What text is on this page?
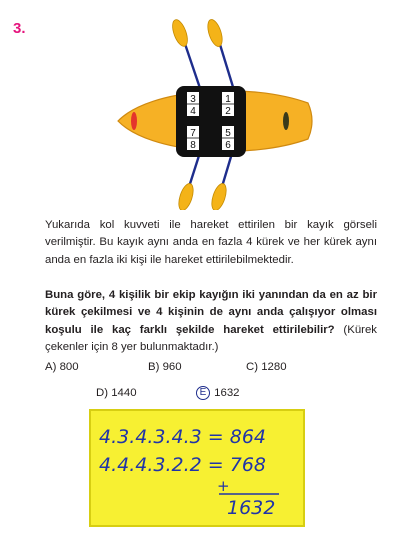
3.
3
4
1
2
7
8
5
6

Yukarıda kol kuvveti ile hareket ettirilen bir kayık görseli verilmiştir. Bu kayık aynı anda en fazla 4 kürek ve her kürek aynı anda en fazla iki kişi ile hareket ettirilebilmektedir.

Buna göre, 4 kişilik bir ekip kayığın iki yanından da en az bir kürek çekilmesi ve 4 kişinin de aynı anda çalışıyor olması koşulu ile kaç farklı şekilde hareket ettirilebilir? (Kürek çekenler için 8 yer bulunmaktadır.)

A) 800	B) 960	C) 1280
D) 1440	E 1632
4.3.4.3.4.3 = 864
4.4.4.3.2.2 = 768
+
1632
